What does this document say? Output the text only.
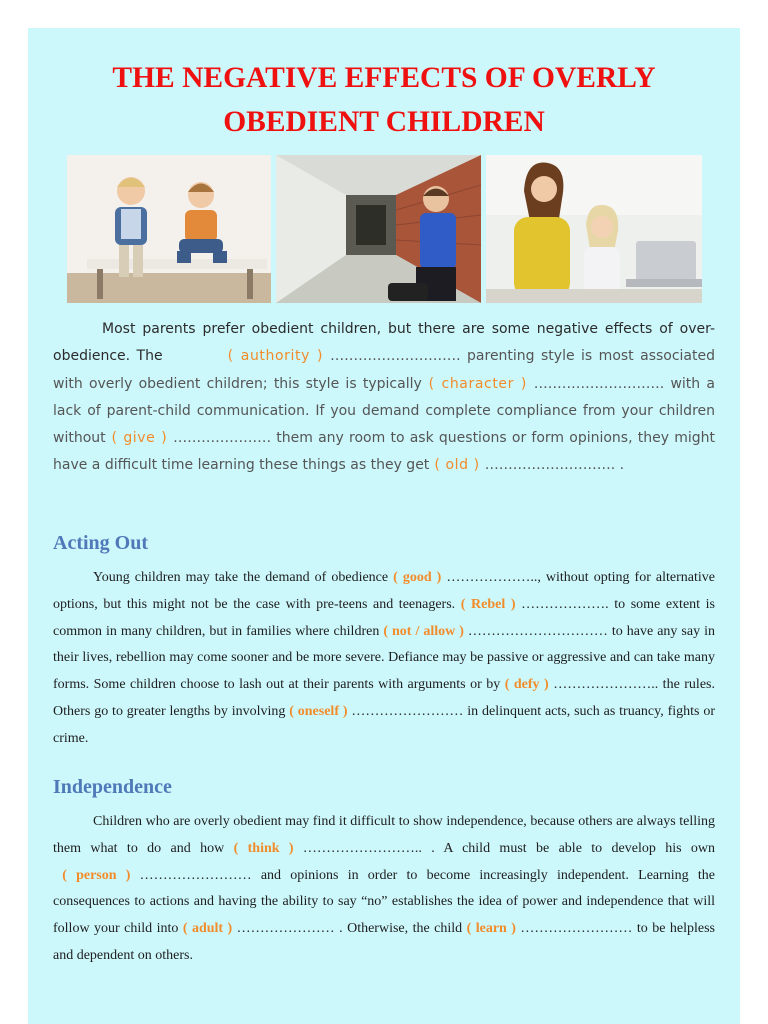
THE NEGATIVE EFFECTS OF OVERLY
OBEDIENT CHILDREN

Most parents prefer obedient children, but there are some negative effects of over-obedience. The	( authority ) ………………………. parenting style is most associated with overly obedient children; this style is typically ( character ) ………………………. with a lack of parent-child communication. If you demand complete compliance from your children without ( give ) ………………… them any room to ask questions or form opinions, they might have a difficult time learning these things as they get ( old ) ………………………. .

Acting Out

Young children may take the demand of obedience ( good ) ……………….., without opting for alternative options, but this might not be the case with pre-teens and teenagers. ( Rebel ) ………………. to some extent is common in many children, but in families where children ( not / allow ) ………………………… to have any say in their lives, rebellion may come sooner and be more severe. Defiance may be passive or aggressive and can take many forms. Some children choose to lash out at their parents with arguments or by ( defy ) ………………….. the rules. Others go to greater lengths by involving ( oneself ) …………………… in delinquent acts, such as truancy, fights or crime.

Independence

Children who are overly obedient may find it difficult to show independence, because others are always telling them what to do and how ( think ) …………………….. . A child must be able to develop his own ( person ) …………………… and opinions in order to become increasingly independent. Learning the consequences to actions and having the ability to say “no” establishes the idea of power and independence that will follow your child into ( adult ) ………………… . Otherwise, the child ( learn ) …………………… to be helpless and dependent on others.
